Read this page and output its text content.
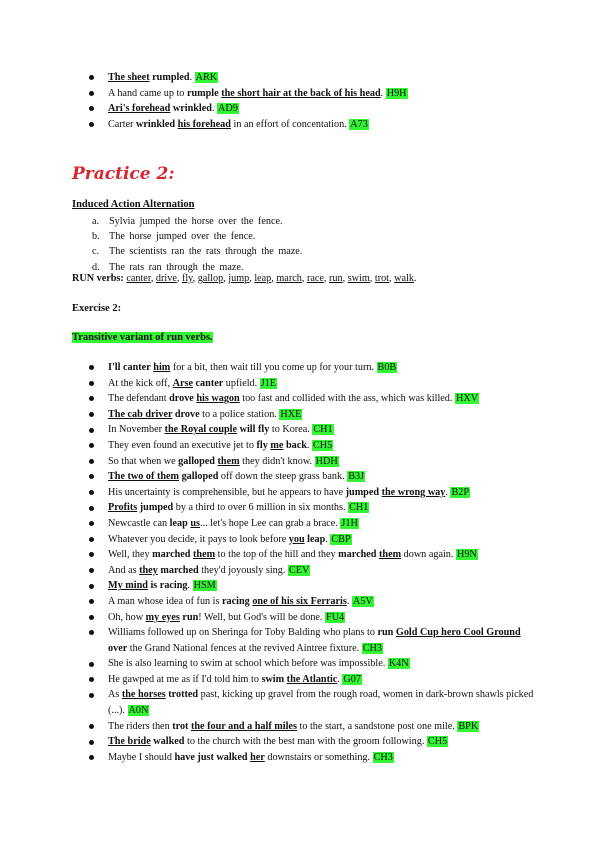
The sheet rumpled. ARK
A hand came up to rumple the short hair at the back of his head. H9H
Ari's forehead wrinkled. AD9
Carter wrinkled his forehead in an effort of concentation. A73
Practice 2:
Induced Action Alternation
a. Sylvia jumped the horse over the fence.
b. The horse jumped over the fence.
c. The scientists ran the rats through the maze.
d. The rats ran through the maze.
RUN verbs: canter, drive, fly, gallop, jump, leap, march, race, run, swim, trot, walk.
Exercise 2:
Transitive variant of run verbs.
I'll canter him for a bit, then wait till you come up for your turn. B0B
At the kick off, Arse canter upfield. J1E
The defendant drove his wagon too fast and collided with the ass, which was killed. HXV
The cab driver drove to a police station. HXE
In November the Royal couple will fly to Korea. CH1
They even found an executive jet to fly me back. CH5
So that when we galloped them they didn't know. HDH
The two of them galloped off down the steep grass bank. B3J
His uncertainty is comprehensible, but he appears to have jumped the wrong way. B2P
Profits jumped by a third to over 6 million in six months. CH1
Newcastle can leap us... let's hope Lee can grab a brace. J1H
Whatever you decide, it pays to look before you leap. CBP
Well, they marched them to the top of the hill and they marched them down again. H9N
And as they marched they'd joyously sing. CEV
My mind is racing. HSM
A man whose idea of fun is racing one of his six Ferraris. A5V
Oh, how my eyes run! Well, but God's will be done. FU4
Williams followed up on Sheringa for Toby Balding who plans to run Gold Cup hero Cool Ground over the Grand National fences at the revived Aintree fixture. CH3
She is also learning to swim at school which before was impossible. K4N
He gawped at me as if I'd told him to swim the Atlantic. G07
As the horses trotted past, kicking up gravel from the rough road, women in dark-brown shawls picked (...). A0N
The riders then trot the four and a half miles to the start, a sandstone post one mile. BPK
The bride walked to the church with the best man with the groom following. CH5
Maybe I should have just walked her downstairs or something. CH3
